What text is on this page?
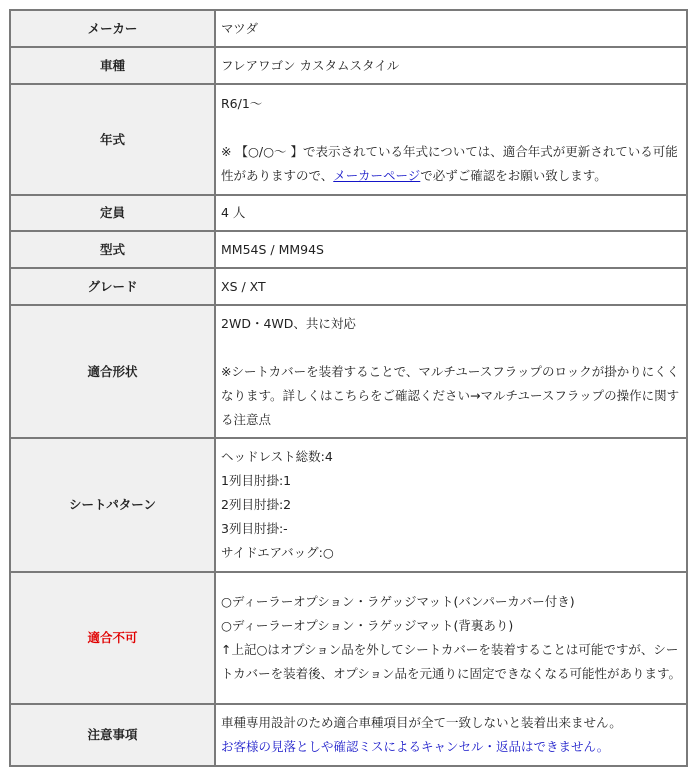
メーカー	マツダ
車種	フレアワゴン カスタムスタイル
年式	R6/1～
※ 【○/○～ 】で表示されている年式については、適合年式が更新されている可能性がありますので、メーカーページで必ずご確認をお願い致します。

定員	4 人
型式	MM54S / MM94S
グレード	XS / XT
適合形状	2WD・4WD、共に対応
※シートカバーを装着することで、マルチユースフラップのロックが掛かりにくくなります。詳しくはこちらをご確認ください→マルチユースフラップの操作に関する注意点

シートパターン	ヘッドレスト総数:4
1列目肘掛:1
2列目肘掛:2
3列目肘掛:-
サイドエアバッグ:○

適合不可	○ディーラーオプション・ラゲッジマット(バンパーカバー付き)
○ディーラーオプション・ラゲッジマット(背裏あり)
↑上記○はオプション品を外してシートカバーを装着することは可能ですが、シートカバーを装着後、オプション品を元通りに固定できなくなる可能性があります。

注意事項	車種専用設計のため適合車種項目が全て一致しないと装着出来ません。
お客様の見落としや確認ミスによるキャンセル・返品はできません。
